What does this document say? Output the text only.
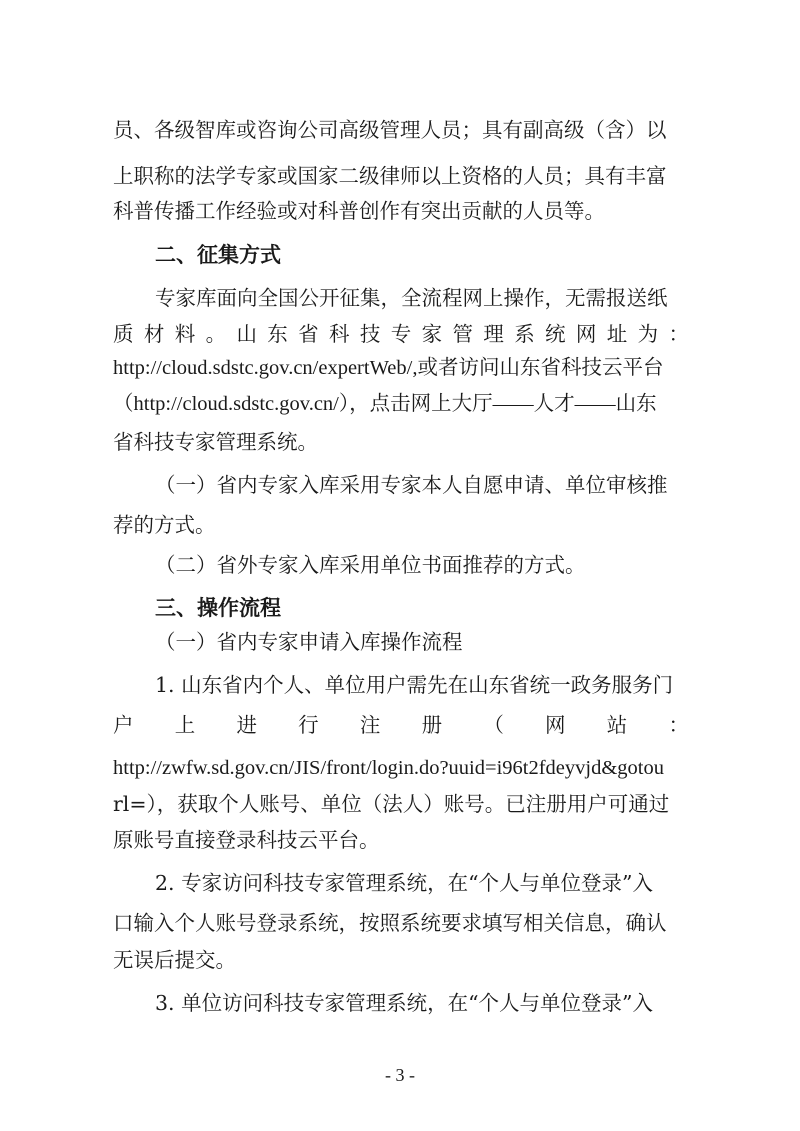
员、各级智库或咨询公司高级管理人员；具有副高级（含）以
上职称的法学专家或国家二级律师以上资格的人员；具有丰富
科普传播工作经验或对科普创作有突出贡献的人员等。
二、征集方式
专家库面向全国公开征集，全流程网上操作，无需报送纸
质材料。山东省科技专家管理系统网址为：
http://cloud.sdstc.gov.cn/expertWeb/,或者访问山东省科技云平台
（http://cloud.sdstc.gov.cn/），点击网上大厅——人才——山东
省科技专家管理系统。
（一）省内专家入库采用专家本人自愿申请、单位审核推
荐的方式。
（二）省外专家入库采用单位书面推荐的方式。
三、操作流程
（一）省内专家申请入库操作流程
1. 山东省内个人、单位用户需先在山东省统一政务服务门
户上进行注册（网站：
http://zwfw.sd.gov.cn/JIS/front/login.do?uuid=i96t2fdeyvjd&gotou
rl=），获取个人账号、单位（法人）账号。已注册用户可通过
原账号直接登录科技云平台。
2. 专家访问科技专家管理系统，在“个人与单位登录”入
口输入个人账号登录系统，按照系统要求填写相关信息，确认
无误后提交。
3. 单位访问科技专家管理系统，在“个人与单位登录”入
- 3 -
